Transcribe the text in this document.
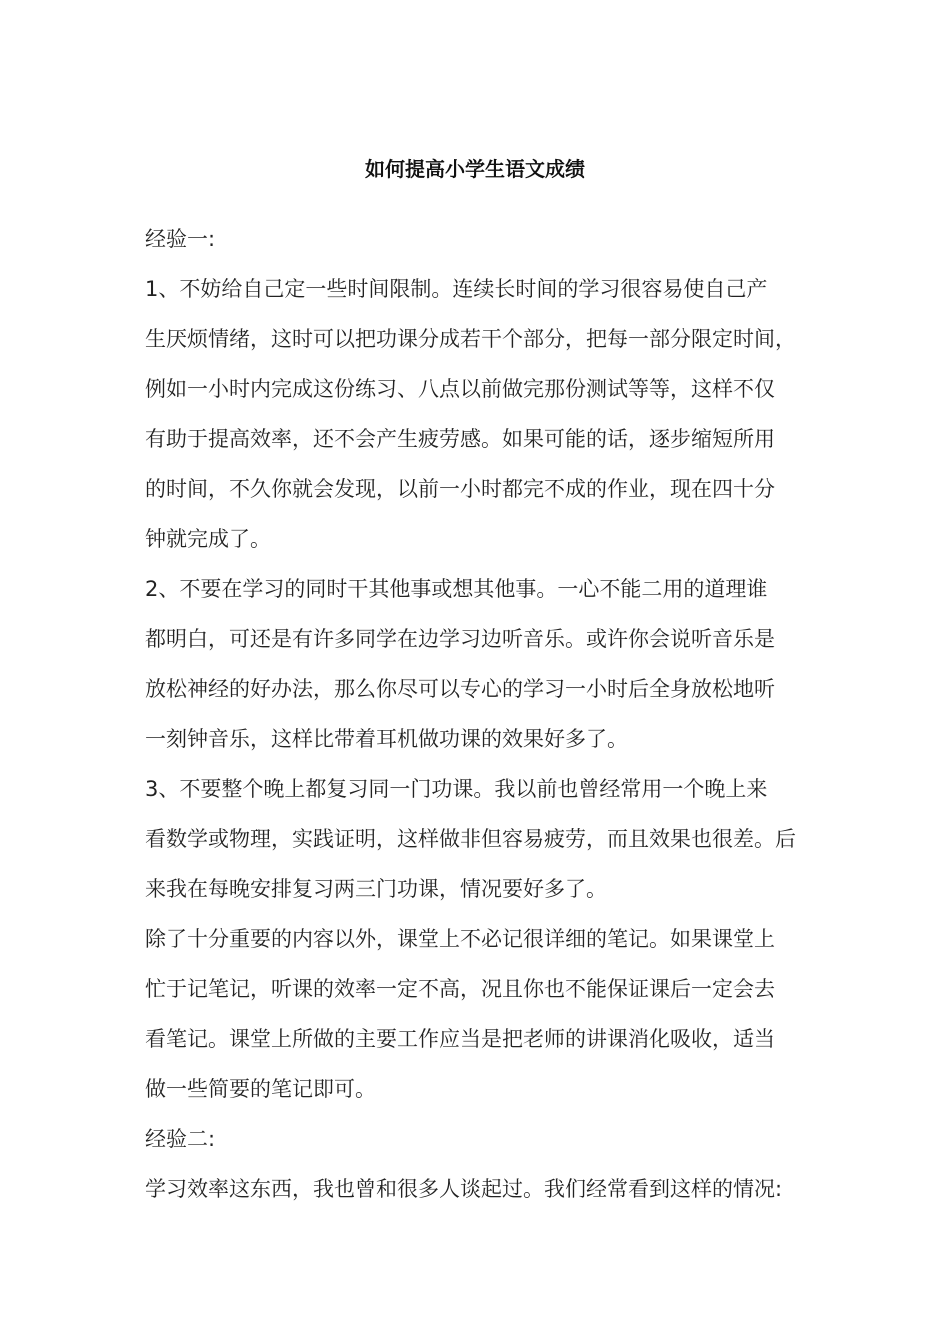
如何提高小学生语文成绩
经验一:
1、不妨给自己定一些时间限制。连续长时间的学习很容易使自己产
生厌烦情绪，这时可以把功课分成若干个部分，把每一部分限定时间，
例如一小时内完成这份练习、八点以前做完那份测试等等，这样不仅
有助于提高效率，还不会产生疲劳感。如果可能的话，逐步缩短所用
的时间，不久你就会发现，以前一小时都完不成的作业，现在四十分
钟就完成了。
2、不要在学习的同时干其他事或想其他事。一心不能二用的道理谁
都明白，可还是有许多同学在边学习边听音乐。或许你会说听音乐是
放松神经的好办法，那么你尽可以专心的学习一小时后全身放松地听
一刻钟音乐，这样比带着耳机做功课的效果好多了。
3、不要整个晚上都复习同一门功课。我以前也曾经常用一个晚上来
看数学或物理，实践证明，这样做非但容易疲劳，而且效果也很差。后
来我在每晚安排复习两三门功课，情况要好多了。
除了十分重要的内容以外，课堂上不必记很详细的笔记。如果课堂上
忙于记笔记，听课的效率一定不高，况且你也不能保证课后一定会去
看笔记。课堂上所做的主要工作应当是把老师的讲课消化吸收，适当
做一些简要的笔记即可。
经验二:
学习效率这东西，我也曾和很多人谈起过。我们经常看到这样的情况:
